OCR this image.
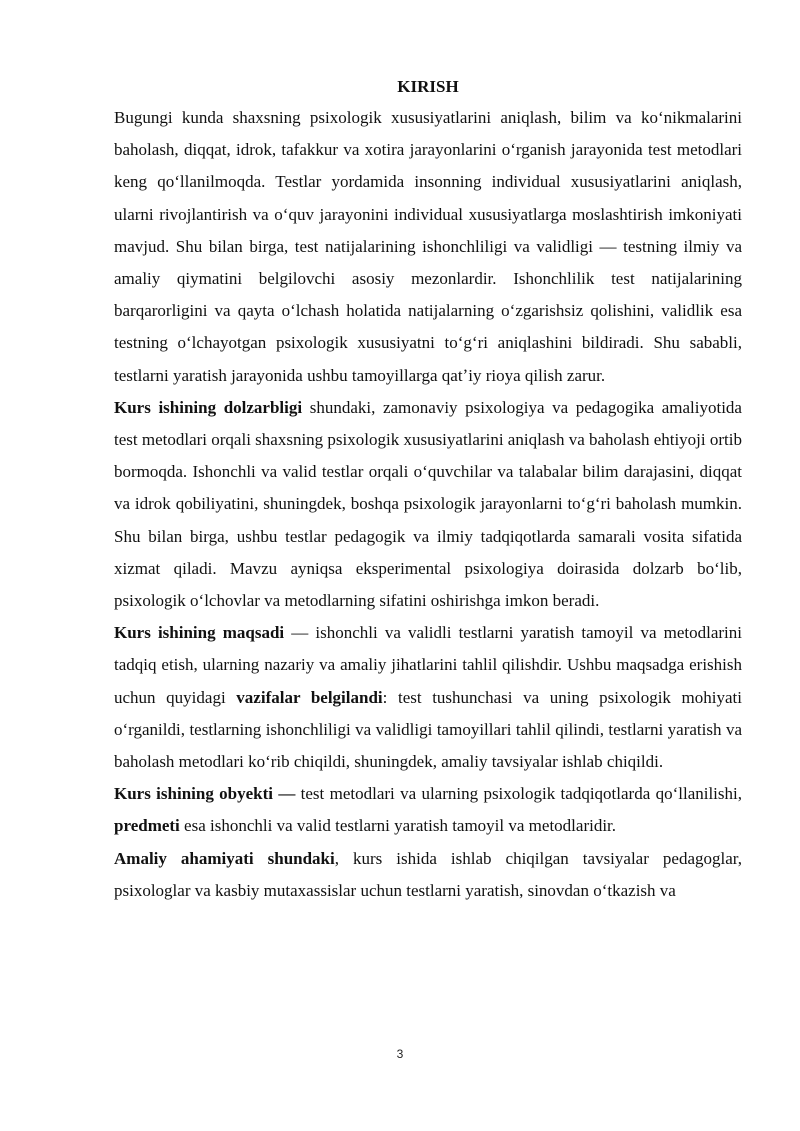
KIRISH

Bugungi kunda shaxsning psixologik xususiyatlarini aniqlash, bilim va koʻnikmalarini baholash, diqqat, idrok, tafakkur va xotira jarayonlarini oʻrganish jarayonida test metodlari keng qoʻllanilmoqda. Testlar yordamida insonning individual xususiyatlarini aniqlash, ularni rivojlantirish va oʻquv jarayonini individual xususiyatlarga moslashtirish imkoniyati mavjud. Shu bilan birga, test natijalarining ishonchliligi va validligi — testning ilmiy va amaliy qiymatini belgilovchi asosiy mezonlardir. Ishonchlilik test natijalarining barqarorligini va qayta oʻlchash holatida natijalarning oʻzgarishsiz qolishini, validlik esa testning oʻlchayotgan psixologik xususiyatni toʻgʻri aniqlashini bildiradi. Shu sababli, testlarni yaratish jarayonida ushbu tamoyillarga qatʼiy rioya qilish zarur.

Kurs ishining dolzarbligi shundaki, zamonaviy psixologiya va pedagogika amaliyotida test metodlari orqali shaxsning psixologik xususiyatlarini aniqlash va baholash ehtiyoji ortib bormoqda. Ishonchli va valid testlar orqali oʻquvchilar va talabalar bilim darajasini, diqqat va idrok qobiliyatini, shuningdek, boshqa psixologik jarayonlarni toʻgʻri baholash mumkin. Shu bilan birga, ushbu testlar pedagogik va ilmiy tadqiqotlarda samarali vosita sifatida xizmat qiladi. Mavzu ayniqsa eksperimental psixologiya doirasida dolzarb boʻlib, psixologik oʻlchovlar va metodlarning sifatini oshirishga imkon beradi.

Kurs ishining maqsadi — ishonchli va validli testlarni yaratish tamoyil va metodlarini tadqiq etish, ularning nazariy va amaliy jihatlarini tahlil qilishdir. Ushbu maqsadga erishish uchun quyidagi vazifalar belgilandi: test tushunchasi va uning psixologik mohiyati oʻrganildi, testlarning ishonchliligi va validligi tamoyillari tahlil qilindi, testlarni yaratish va baholash metodlari koʻrib chiqildi, shuningdek, amaliy tavsiyalar ishlab chiqildi.

Kurs ishining obyekti — test metodlari va ularning psixologik tadqiqotlarda qoʻllanilishi, predmeti esa ishonchli va valid testlarni yaratish tamoyil va metodlaridir.

Amaliy ahamiyati shundaki, kurs ishida ishlab chiqilgan tavsiyalar pedagoglar, psixologlar va kasbiy mutaxassislar uchun testlarni yaratish, sinovdan oʻtkazish va

3
